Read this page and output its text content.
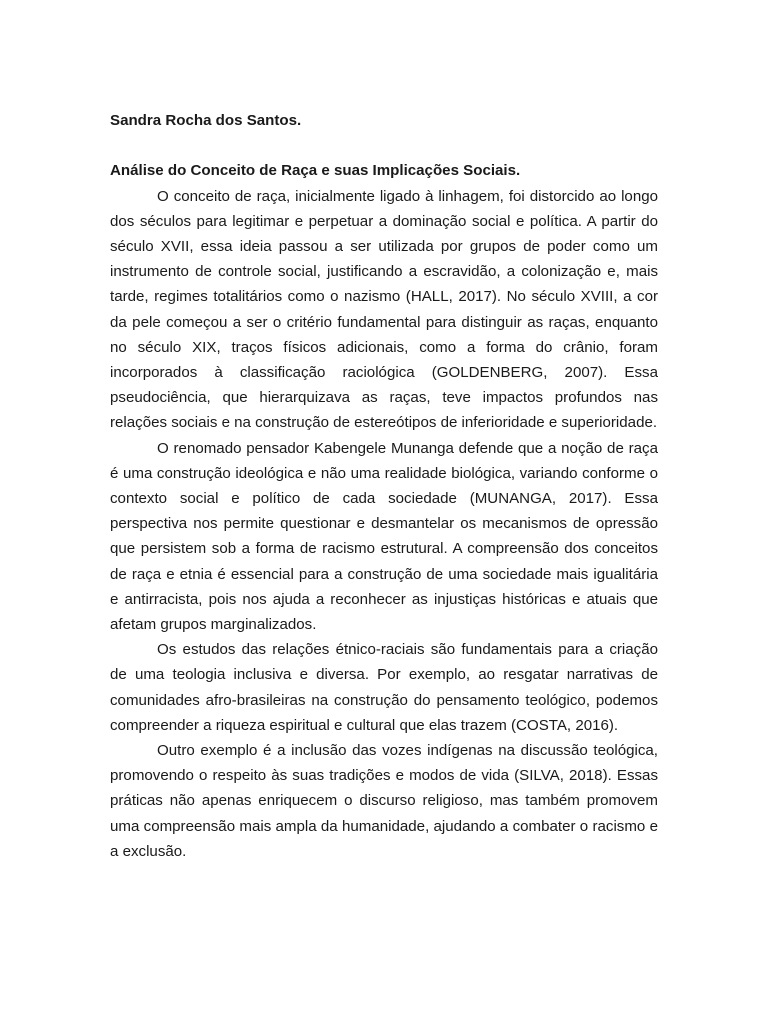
Sandra Rocha dos Santos.

Análise do Conceito de Raça e suas Implicações Sociais.

O conceito de raça, inicialmente ligado à linhagem, foi distorcido ao longo dos séculos para legitimar e perpetuar a dominação social e política. A partir do século XVII, essa ideia passou a ser utilizada por grupos de poder como um instrumento de controle social, justificando a escravidão, a colonização e, mais tarde, regimes totalitários como o nazismo (HALL, 2017). No século XVIII, a cor da pele começou a ser o critério fundamental para distinguir as raças, enquanto no século XIX, traços físicos adicionais, como a forma do crânio, foram incorporados à classificação raciológica (GOLDENBERG, 2007). Essa pseudociência, que hierarquizava as raças, teve impactos profundos nas relações sociais e na construção de estereótipos de inferioridade e superioridade.

O renomado pensador Kabengele Munanga defende que a noção de raça é uma construção ideológica e não uma realidade biológica, variando conforme o contexto social e político de cada sociedade (MUNANGA, 2017). Essa perspectiva nos permite questionar e desmantelar os mecanismos de opressão que persistem sob a forma de racismo estrutural. A compreensão dos conceitos de raça e etnia é essencial para a construção de uma sociedade mais igualitária e antirracista, pois nos ajuda a reconhecer as injustiças históricas e atuais que afetam grupos marginalizados.

Os estudos das relações étnico-raciais são fundamentais para a criação de uma teologia inclusiva e diversa. Por exemplo, ao resgatar narrativas de comunidades afro-brasileiras na construção do pensamento teológico, podemos compreender a riqueza espiritual e cultural que elas trazem (COSTA, 2016).

Outro exemplo é a inclusão das vozes indígenas na discussão teológica, promovendo o respeito às suas tradições e modos de vida (SILVA, 2018). Essas práticas não apenas enriquecem o discurso religioso, mas também promovem uma compreensão mais ampla da humanidade, ajudando a combater o racismo e a exclusão.
